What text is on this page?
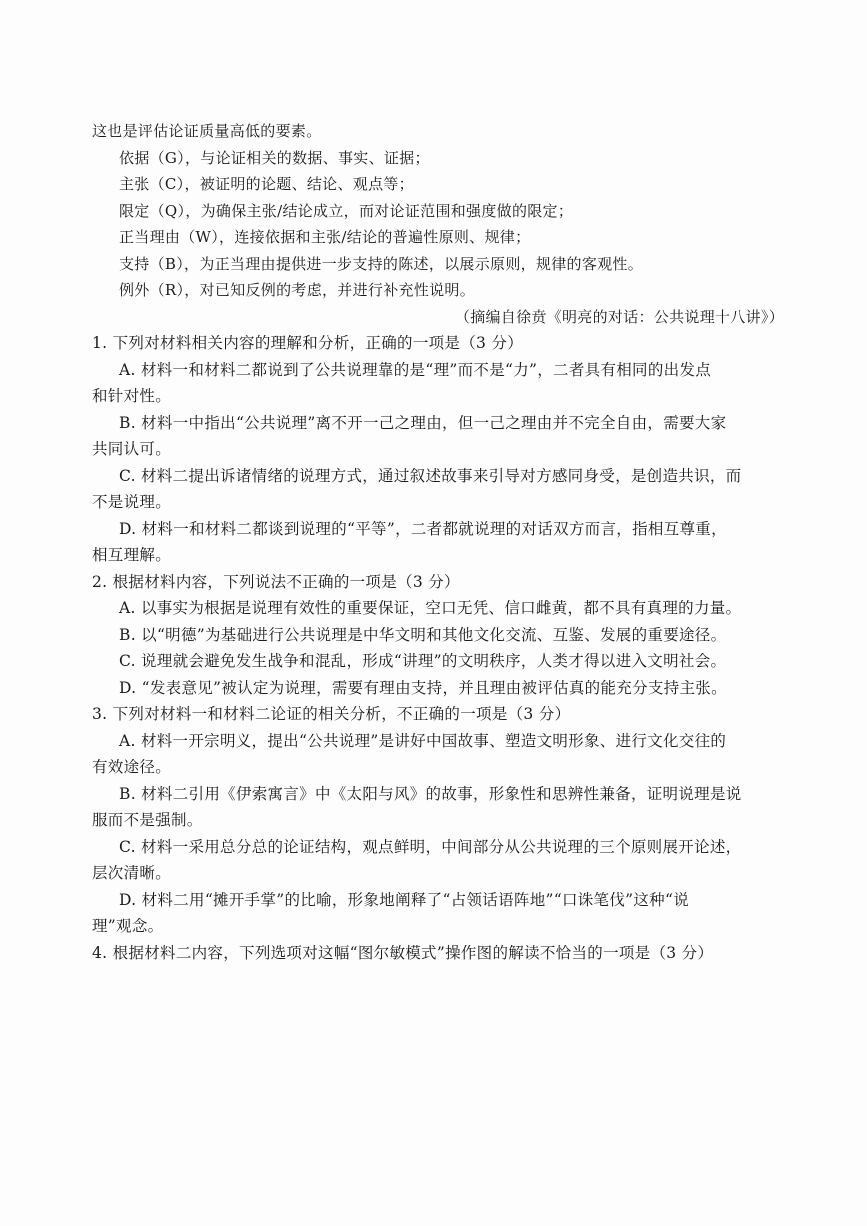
这也是评估论证质量高低的要素。
依据（G），与论证相关的数据、事实、证据；
主张（C），被证明的论题、结论、观点等；
限定（Q），为确保主张/结论成立，而对论证范围和强度做的限定；
正当理由（W），连接依据和主张/结论的普遍性原则、规律；
支持（B），为正当理由提供进一步支持的陈述，以展示原则，规律的客观性。
例外（R），对已知反例的考虑，并进行补充性说明。
（摘编自徐贲《明亮的对话：公共说理十八讲》）
1. 下列对材料相关内容的理解和分析，正确的一项是（3 分）
A. 材料一和材料二都说到了公共说理靠的是“理”而不是“力”，二者具有相同的出发点
和针对性。
B. 材料一中指出“公共说理”离不开一己之理由，但一己之理由并不完全自由，需要大家
共同认可。
C. 材料二提出诉诸情绪的说理方式，通过叙述故事来引导对方感同身受，是创造共识，而
不是说理。
D. 材料一和材料二都谈到说理的“平等”，二者都就说理的对话双方而言，指相互尊重，
相互理解。
2. 根据材料内容，下列说法不正确的一项是（3 分）
A. 以事实为根据是说理有效性的重要保证，空口无凭、信口雌黄，都不具有真理的力量。
B. 以“明德”为基础进行公共说理是中华文明和其他文化交流、互鉴、发展的重要途径。
C. 说理就会避免发生战争和混乱，形成“讲理”的文明秩序，人类才得以进入文明社会。
D. “发表意见”被认定为说理，需要有理由支持，并且理由被评估真的能充分支持主张。
3. 下列对材料一和材料二论证的相关分析，不正确的一项是（3 分）
A. 材料一开宗明义，提出“公共说理”是讲好中国故事、塑造文明形象、进行文化交往的
有效途径。
B. 材料二引用《伊索寓言》中《太阳与风》的故事，形象性和思辨性兼备，证明说理是说
服而不是强制。
C. 材料一采用总分总的论证结构，观点鲜明，中间部分从公共说理的三个原则展开论述，
层次清晰。
D. 材料二用“摊开手掌”的比喻，形象地阐释了“占领话语阵地”“口诛笔伐”这种“说
理”观念。
4. 根据材料二内容，下列选项对这幅“图尔敏模式”操作图的解读不恰当的一项是（3 分）
